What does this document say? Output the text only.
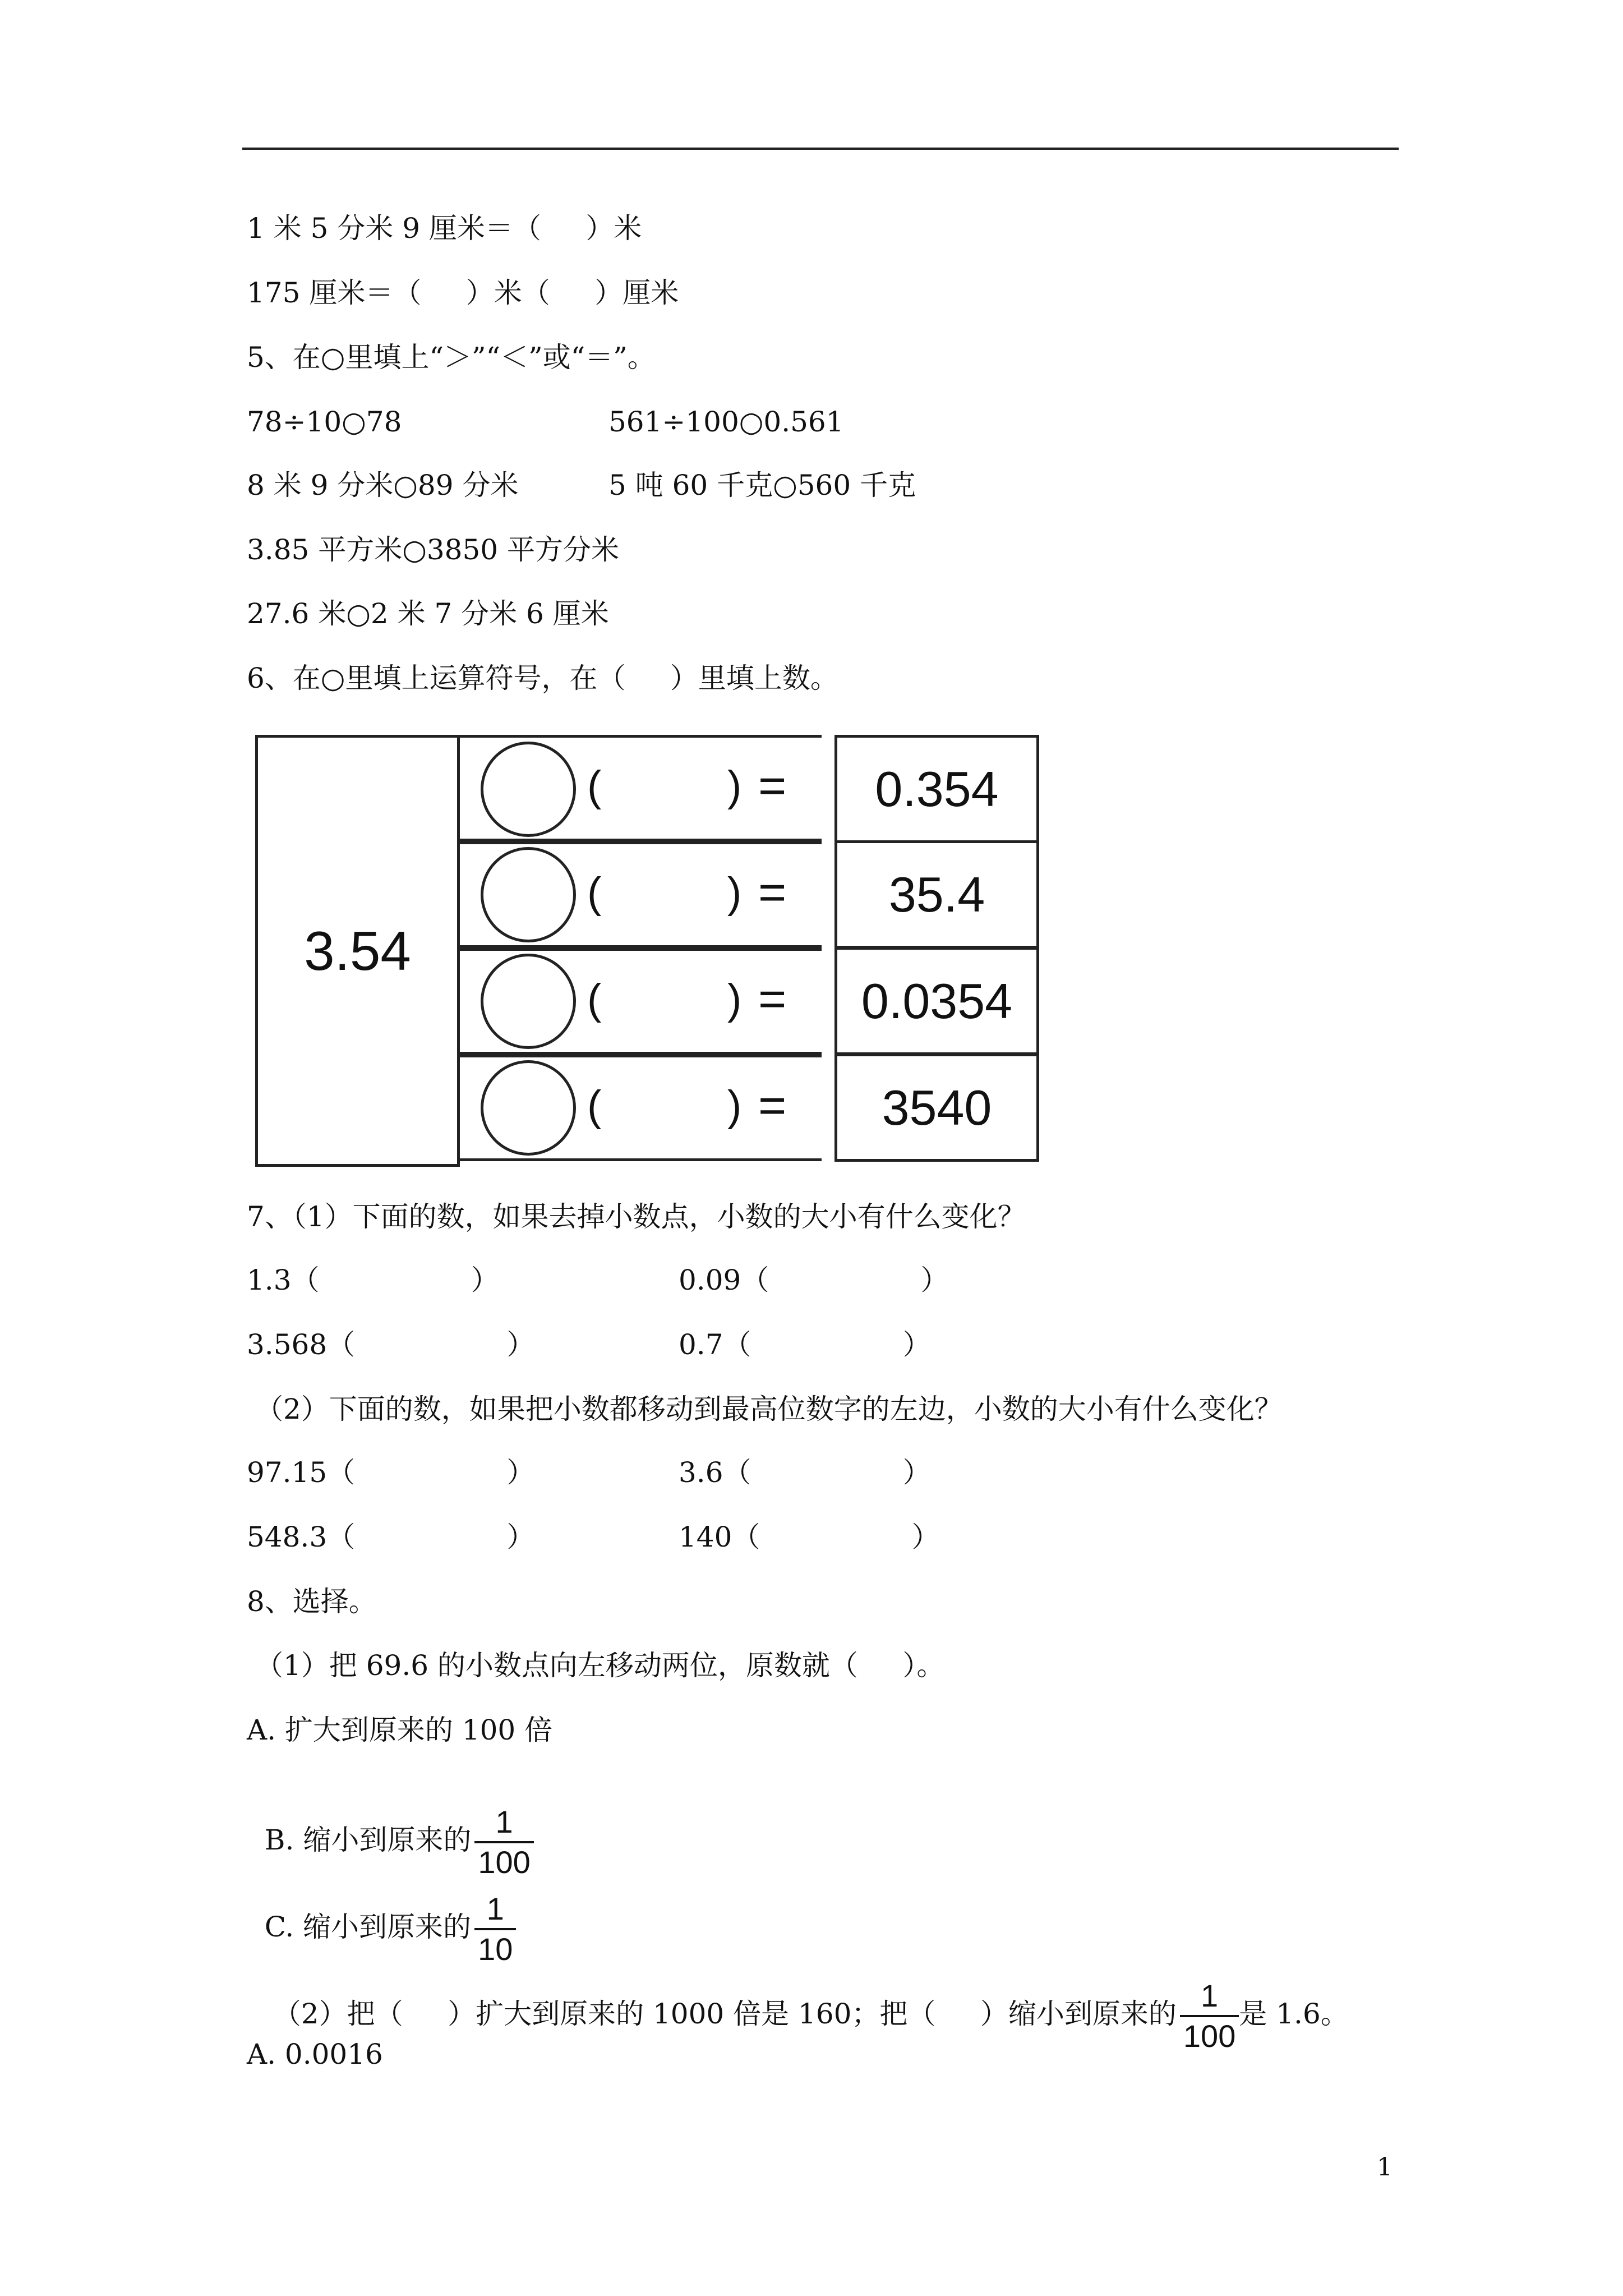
1 米 5 分米 9 厘米＝（     ）米
175 厘米＝（     ）米（     ）厘米
5、在○里填上“＞”“＜”或“＝”。
78÷10○78	561÷100○0.561
8 米 9 分米○89 分米	5 吨 60 千克○560 千克
3.85 平方米○3850 平方分米
27.6 米○2 米 7 分米 6 厘米
6、在○里填上运算符号，在（     ）里填上数。
3.54
(	) =	0.354
(	) =	35.4
(	) =	0.0354
(	) =	3540
7、（1）下面的数，如果去掉小数点，小数的大小有什么变化？
1.3（                 ）	0.09（                 ）
3.568（                 ）	0.7（                 ）
（2）下面的数，如果把小数都移动到最高位数字的左边，小数的大小有什么变化？
97.15（                 ）	3.6（                 ）
548.3（                 ）	140（                 ）
8、选择。
（1）把 69.6 的小数点向左移动两位，原数就（     ）。
A. 扩大到原来的 100 倍

B. 缩小到原来的 $\frac{1}{100}$

C. 缩小到原来的 $\frac{1}{10}$

（2）把（     ）扩大到原来的 1000 倍是 160；把（     ）缩小到原来的 $\frac{1}{100}$ 是 1.6。

A. 0.0016
1
